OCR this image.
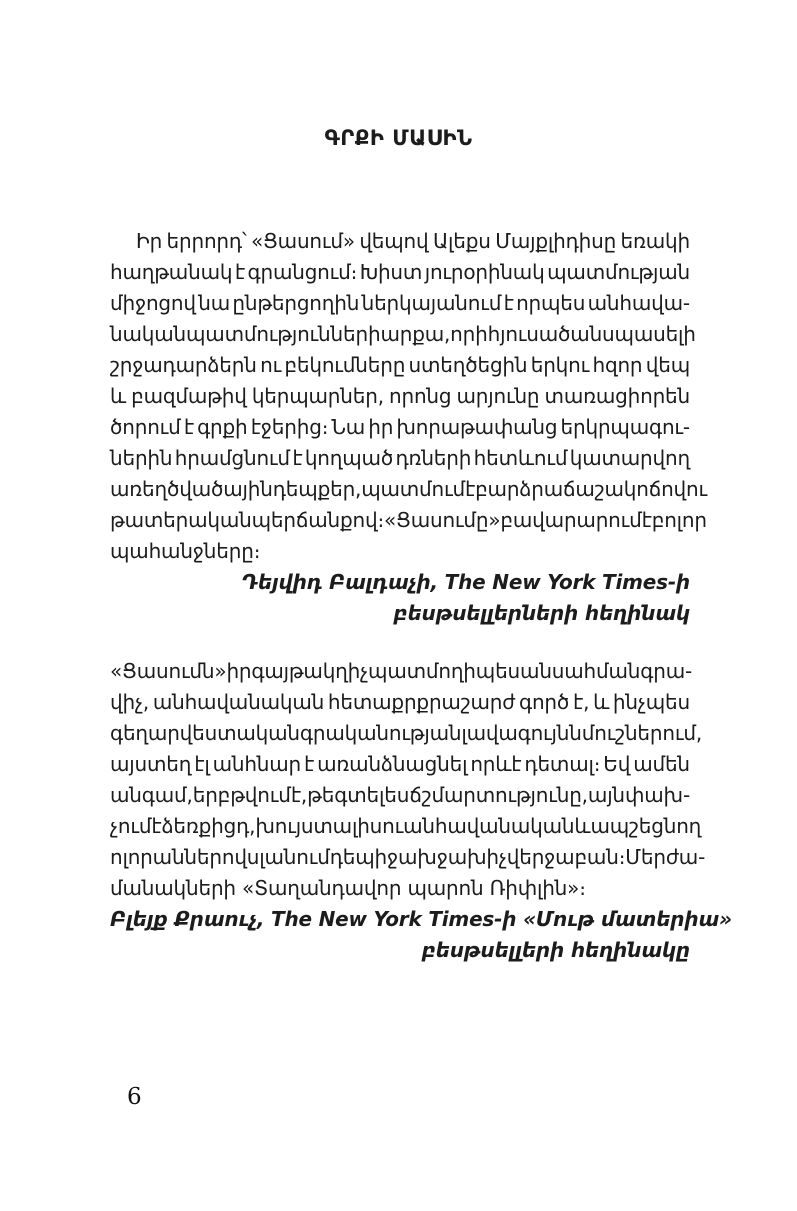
ԳՐՔԻ ՄԱՍԻՆ
Իր երրորդ՝ «Ցասում» վեպով Ալեքս Մայքլիդիսը եռակի
հաղթանակ է գրանցում։ Խիստ յուրօրինակ պատմության
միջոցով նա ընթերցողին ներկայանում է որպես անհավա-
նական պատմությունների արքա, որի հյուսած անսպասելի
շրջադարձերն ու բեկումները ստեղծեցին երկու հզոր վեպ
և բազմաթիվ կերպարներ, որոնց արյունը տառացիորեն
ծորում է գրքի էջերից։ Նա իր խորաթափանց երկրպագու-
ներին հրամցնում է կողպած դռների հետևում կատարվող
առեղծվածային դեպքեր, պատմում է բարձրաճաշակ ոճով ու
թատերական պերճանքով։ «Ցասումը» բավարարում է բոլոր
պահանջները։
Դեյվիդ Բալդաչի, The New York Times-ի
բեսթսելլերների հեղինակ
«Ցասումն» իր գայթակղիչ պատմողի պես անսահման գրա-
վիչ, անհավանական հետաքրքրաշարժ գործ է, և ինչպես
գեղարվեստական գրականության լավագույն նմուշներում,
այստեղ էլ անհնար է առանձնացնել որևէ դետալ։ Եվ ամեն
անգամ, երբ թվում է, թե գտել ես ճշմարտությունը, այն փախ-
չում է ձեռքիցդ, խույս տալիս ու անհավանական և ապշեցնող
ոլորաններով սլանում դեպի ջախջախիչ վերջաբան։ Մեր ժա-
մանակների «Տաղանդավոր պարոն Ռիփլին»։
Բլեյք Քրաուչ, The New York Times-ի «Մութ մատերիա»
բեսթսելլերի հեղինակը
6
